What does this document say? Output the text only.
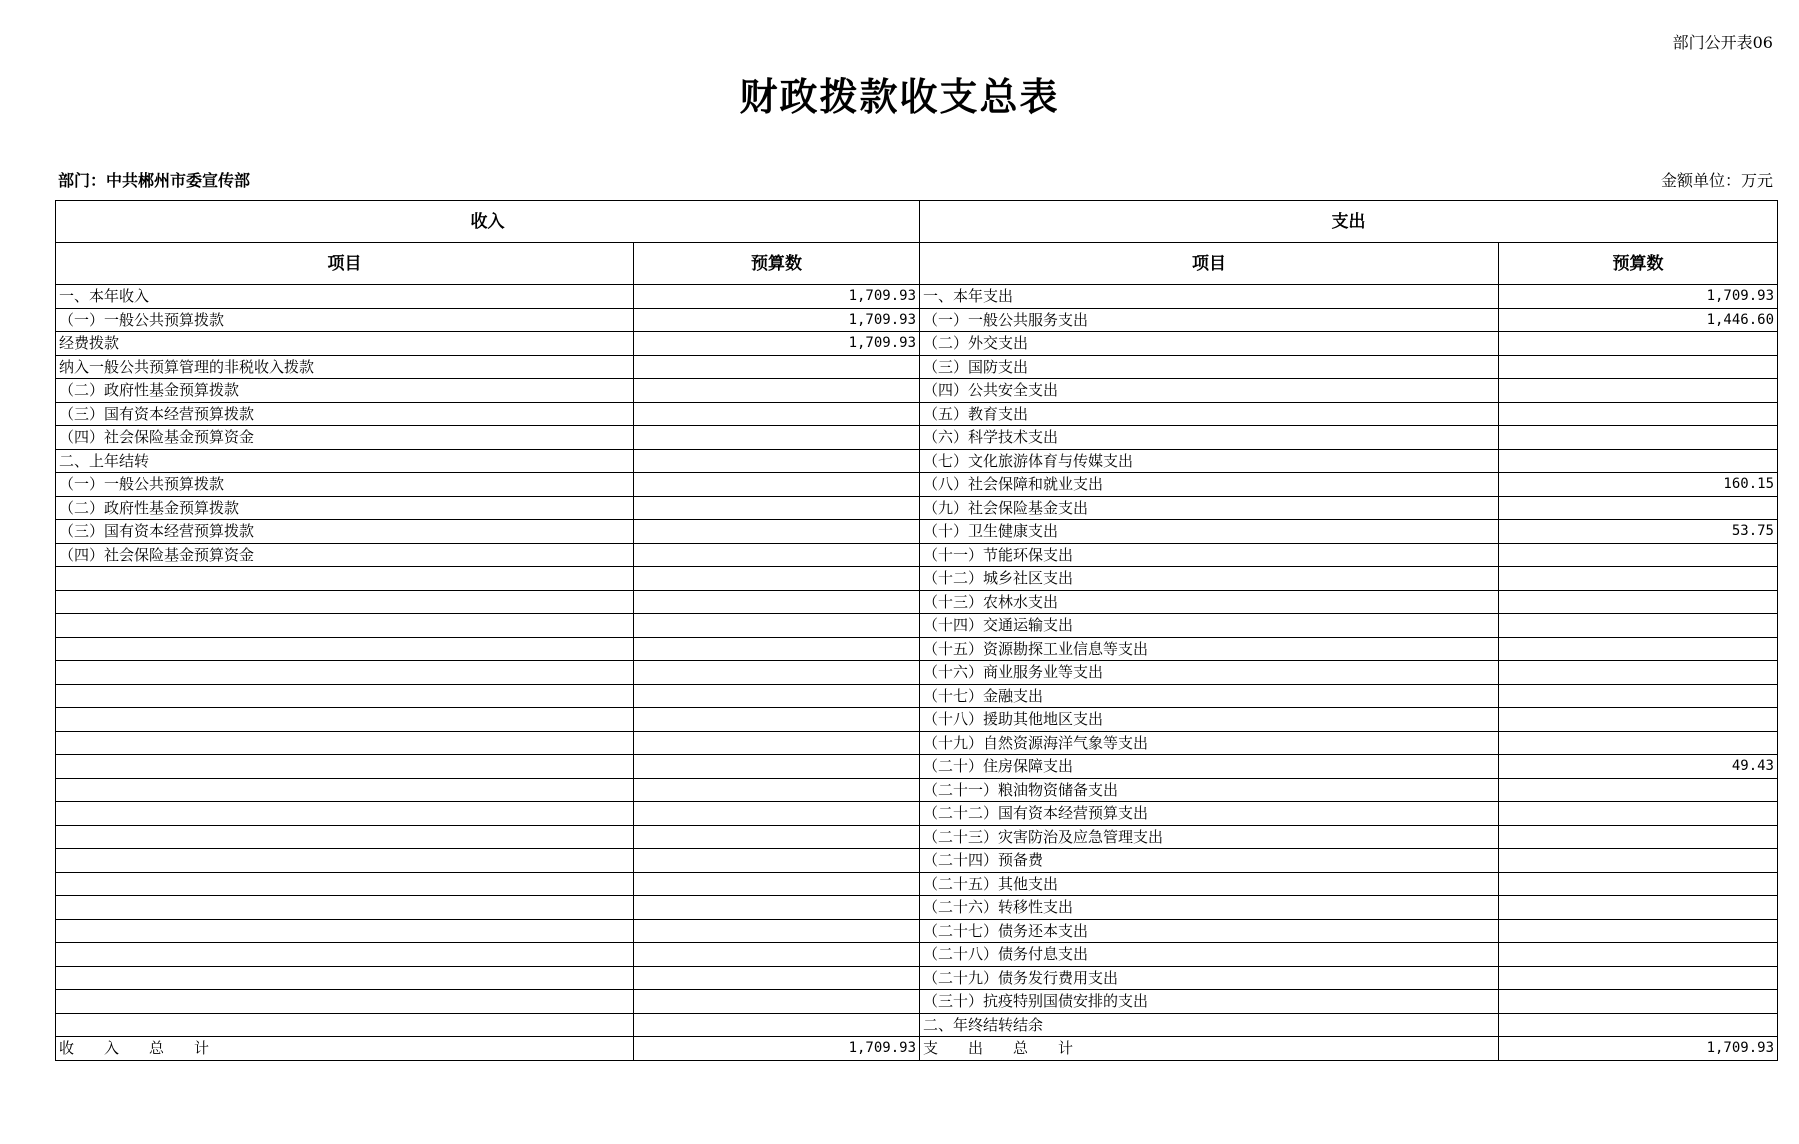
部门公开表06
财政拨款收支总表
部门：中共郴州市委宣传部	金额单位：万元
收入		支出	
项目	预算数	项目	预算数
一、本年收入	1,709.93	一、本年支出	1,709.93
（一）一般公共预算拨款	1,709.93	（一）一般公共服务支出	1,446.60
经费拨款	1,709.93	（二）外交支出	
纳入一般公共预算管理的非税收入拨款		（三）国防支出	
（二）政府性基金预算拨款		（四）公共安全支出	
（三）国有资本经营预算拨款		（五）教育支出	
（四）社会保险基金预算资金		（六）科学技术支出	
二、上年结转		（七）文化旅游体育与传媒支出	
（一）一般公共预算拨款		（八）社会保障和就业支出	160.15
（二）政府性基金预算拨款		（九）社会保险基金支出	
（三）国有资本经营预算拨款		（十）卫生健康支出	53.75
（四）社会保险基金预算资金		（十一）节能环保支出	
		（十二）城乡社区支出	
		（十三）农林水支出	
		（十四）交通运输支出	
		（十五）资源勘探工业信息等支出	
		（十六）商业服务业等支出	
		（十七）金融支出	
		（十八）援助其他地区支出	
		（十九）自然资源海洋气象等支出	
		（二十）住房保障支出	49.43
		（二十一）粮油物资储备支出	
		（二十二）国有资本经营预算支出	
		（二十三）灾害防治及应急管理支出	
		（二十四）预备费	
		（二十五）其他支出	
		（二十六）转移性支出	
		（二十七）债务还本支出	
		（二十八）债务付息支出	
		（二十九）债务发行费用支出	
		（三十）抗疫特别国债安排的支出	
		二、年终结转结余	
收　　入　　总　　计	1,709.93	支　　出　　总　　计	1,709.93
